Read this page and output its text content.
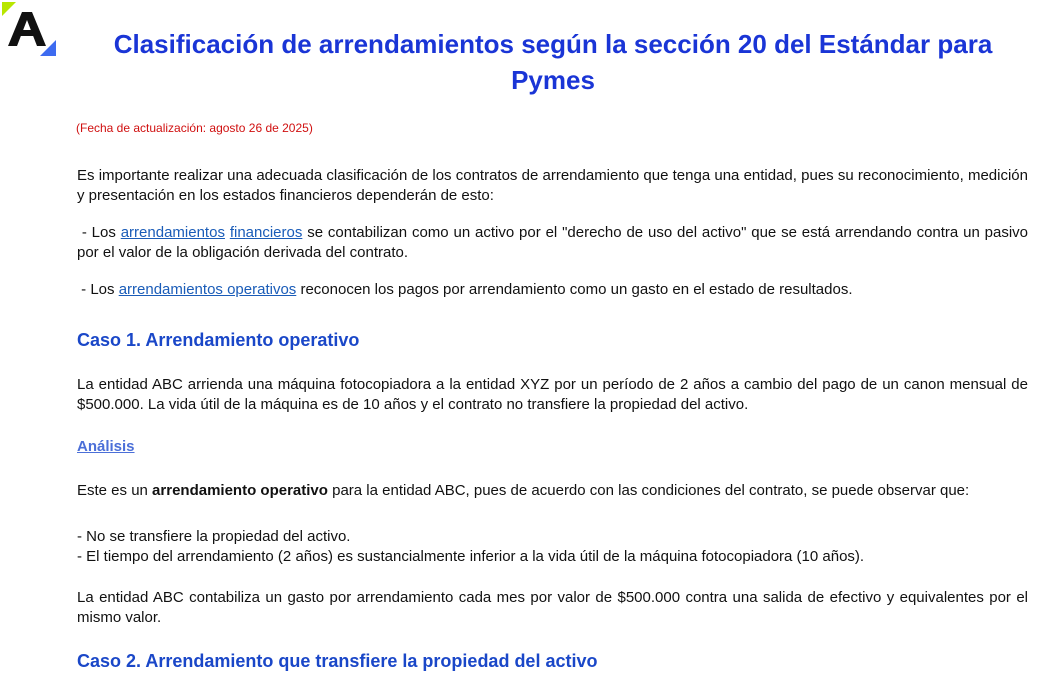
Clasificación de arrendamientos según la sección 20 del Estándar para Pymes

(Fecha de actualización: agosto 26 de 2025)

Es importante realizar una adecuada clasificación de los contratos de arrendamiento que tenga una entidad, pues su reconocimiento, medición y presentación en los estados financieros dependerán de esto:

- Los arrendamientos financieros se contabilizan como un activo por el "derecho de uso del activo" que se está arrendando contra un pasivo por el valor de la obligación derivada del contrato.

- Los arrendamientos operativos reconocen los pagos por arrendamiento como un gasto en el estado de resultados.

Caso 1. Arrendamiento operativo

La entidad ABC arrienda una máquina fotocopiadora a la entidad XYZ por un período de 2 años a cambio del pago de un canon mensual de $500.000. La vida útil de la máquina es de 10 años y el contrato no transfiere la propiedad del activo.

Análisis

Este es un arrendamiento operativo para la entidad ABC, pues de acuerdo con las condiciones del contrato, se puede observar que:

- No se transfiere la propiedad del activo.

- El tiempo del arrendamiento (2 años) es sustancialmente inferior a la vida útil de la máquina fotocopiadora (10 años).

La entidad ABC contabiliza un gasto por arrendamiento cada mes por valor de $500.000 contra una salida de efectivo y equivalentes por el mismo valor.

Caso 2. Arrendamiento que transfiere la propiedad del activo
